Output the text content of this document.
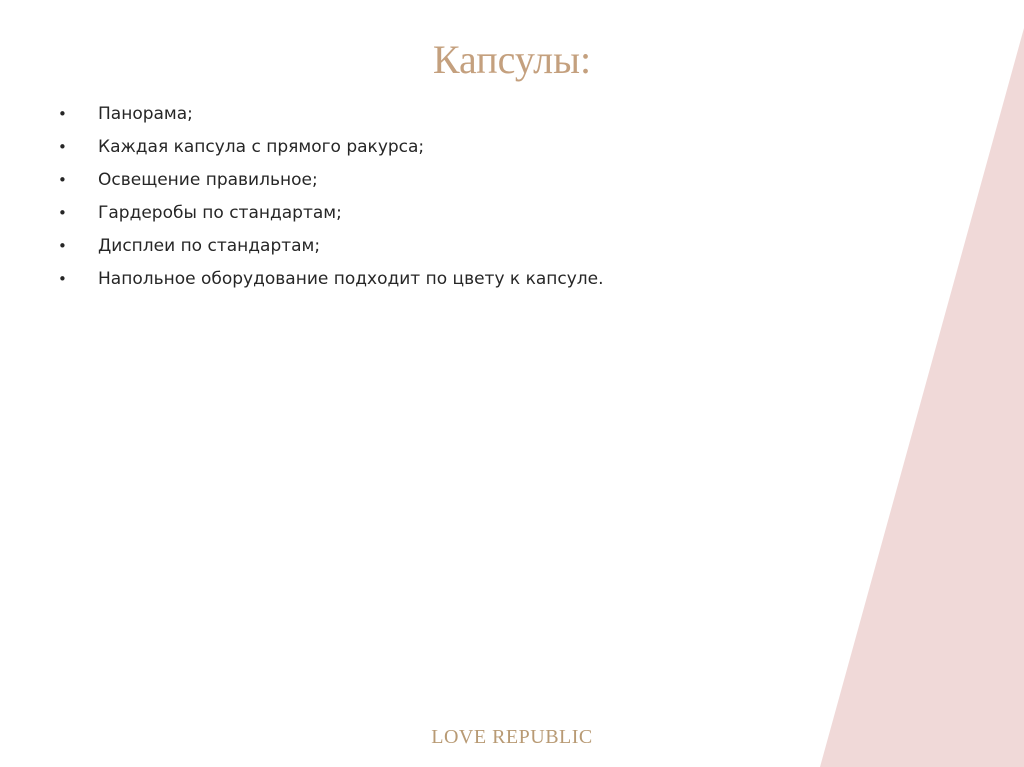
Капсулы:
• Панорама;
• Каждая капсула с прямого ракурса;
• Освещение правильное;
• Гардеробы по стандартам;
• Дисплеи по стандартам;
• Напольное оборудование подходит по цвету к капсуле.
LOVE REPUBLIC
